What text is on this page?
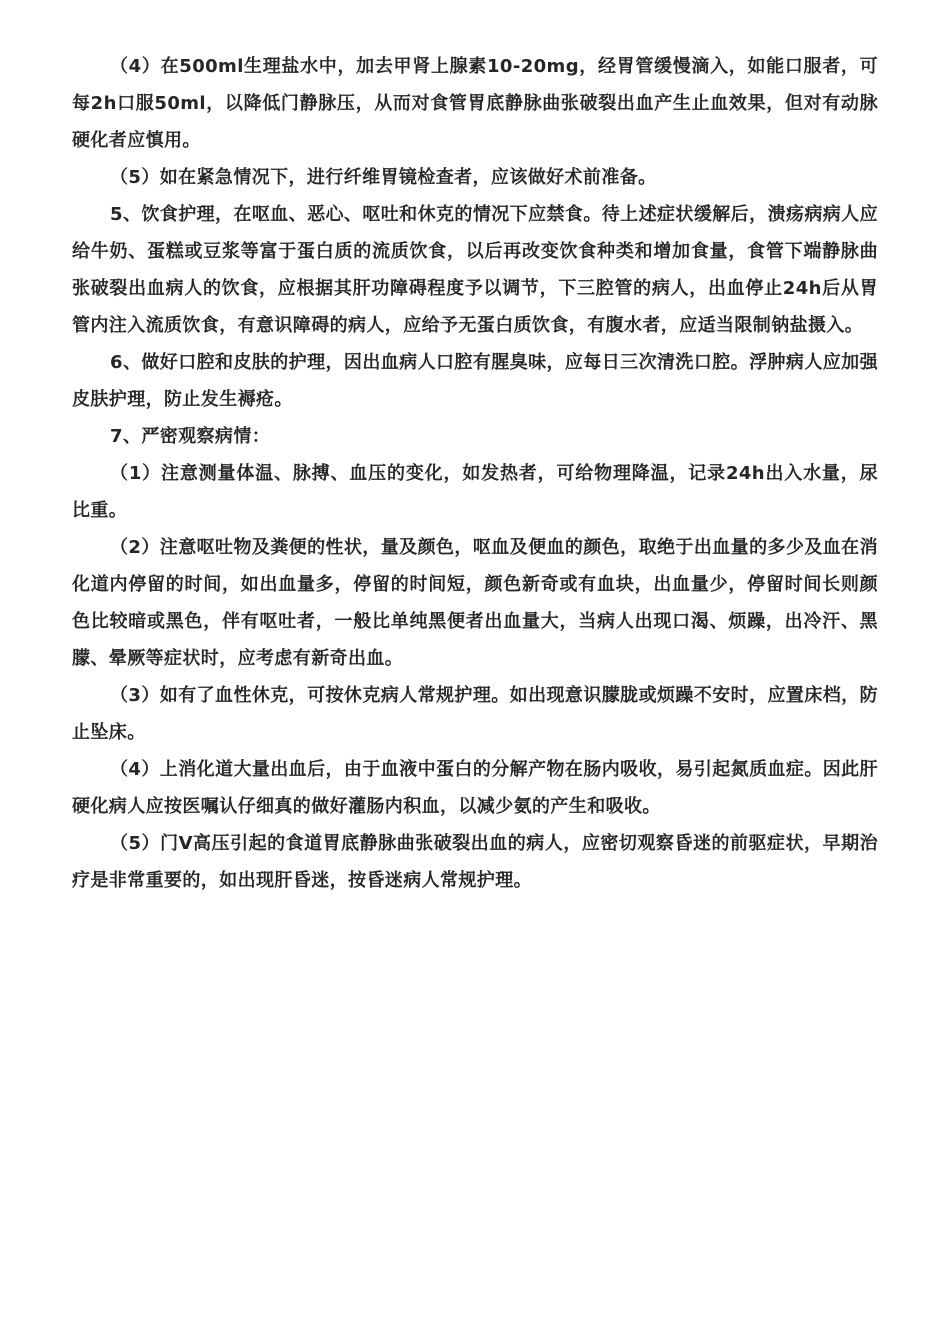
（4）在500ml生理盐水中，加去甲肾上腺素10-20mg，经胃管缓慢滴入，如能口服者，可每2h口服50ml，以降低门静脉压，从而对食管胃底静脉曲张破裂出血产生止血效果，但对有动脉硬化者应慎用。

（5）如在紧急情况下，进行纤维胃镜检查者，应该做好术前准备。

5、饮食护理，在呕血、恶心、呕吐和休克的情况下应禁食。待上述症状缓解后，溃疡病病人应给牛奶、蛋糕或豆浆等富于蛋白质的流质饮食，以后再改变饮食种类和增加食量，食管下端静脉曲张破裂出血病人的饮食，应根据其肝功障碍程度予以调节，下三腔管的病人，出血停止24h后从胃管内注入流质饮食，有意识障碍的病人，应给予无蛋白质饮食，有腹水者，应适当限制钠盐摄入。

6、做好口腔和皮肤的护理，因出血病人口腔有腥臭味，应每日三次清洗口腔。浮肿病人应加强皮肤护理，防止发生褥疮。

7、严密观察病情：

（1）注意测量体温、脉搏、血压的变化，如发热者，可给物理降温，记录24h出入水量，尿比重。

（2）注意呕吐物及粪便的性状，量及颜色，呕血及便血的颜色，取绝于出血量的多少及血在消化道内停留的时间，如出血量多，停留的时间短，颜色新奇或有血块，出血量少，停留时间长则颜色比较暗或黑色，伴有呕吐者，一般比单纯黑便者出血量大，当病人出现口渴、烦躁，出冷汗、黑朦、晕厥等症状时，应考虑有新奇出血。

（3）如有了血性休克，可按休克病人常规护理。如出现意识朦胧或烦躁不安时，应置床档，防止坠床。

（4）上消化道大量出血后，由于血液中蛋白的分解产物在肠内吸收，易引起氮质血症。因此肝硬化病人应按医嘱认仔细真的做好灌肠内积血，以减少氨的产生和吸收。

（5）门V高压引起的食道胃底静脉曲张破裂出血的病人，应密切观察昏迷的前驱症状，早期治疗是非常重要的，如出现肝昏迷，按昏迷病人常规护理。
